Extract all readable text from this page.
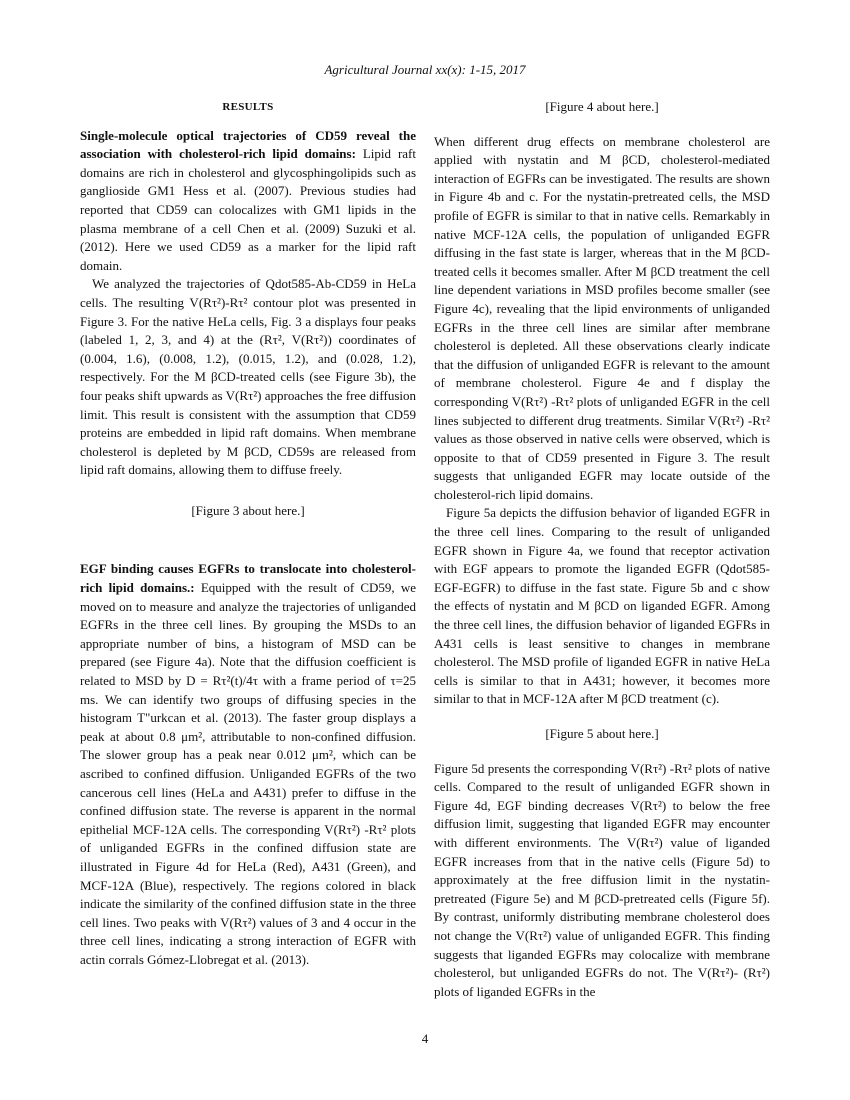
Agricultural Journal xx(x): 1-15, 2017
RESULTS

Single-molecule optical trajectories of CD59 reveal the association with cholesterol-rich lipid domains: Lipid raft domains are rich in cholesterol and glycosphingolipids such as ganglioside GM1 Hess et al. (2007). Previous studies had reported that CD59 can colocalizes with GM1 lipids in the plasma membrane of a cell Chen et al. (2009) Suzuki et al. (2012). Here we used CD59 as a marker for the lipid raft domain.

We analyzed the trajectories of Qdot585-Ab-CD59 in HeLa cells. The resulting V(Rτ²)-Rτ² contour plot was presented in Figure 3. For the native HeLa cells, Fig. 3 a displays four peaks (labeled 1, 2, 3, and 4) at the (Rτ², V(Rτ²)) coordinates of (0.004, 1.6), (0.008, 1.2), (0.015, 1.2), and (0.028, 1.2), respectively. For the M βCD-treated cells (see Figure 3b), the four peaks shift upwards as V(Rτ²) approaches the free diffusion limit. This result is consistent with the assumption that CD59 proteins are embedded in lipid raft domains. When membrane cholesterol is depleted by M βCD, CD59s are released from lipid raft domains, allowing them to diffuse freely.

[Figure 3 about here.]

EGF binding causes EGFRs to translocate into cholesterol-rich lipid domains.: Equipped with the result of CD59, we moved on to measure and analyze the trajectories of unliganded EGFRs in the three cell lines. By grouping the MSDs to an appropriate number of bins, a histogram of MSD can be prepared (see Figure 4a). Note that the diffusion coefficient is related to MSD by D = Rτ²(t)/4τ with a frame period of τ=25 ms. We can identify two groups of diffusing species in the histogram T"urkcan et al. (2013). The faster group displays a peak at about 0.8 μm², attributable to non-confined diffusion. The slower group has a peak near 0.012 μm², which can be ascribed to confined diffusion. Unliganded EGFRs of the two cancerous cell lines (HeLa and A431) prefer to diffuse in the confined diffusion state. The reverse is apparent in the normal epithelial MCF-12A cells. The corresponding V(Rτ²) -Rτ² plots of unliganded EGFRs in the confined diffusion state are illustrated in Figure 4d for HeLa (Red), A431 (Green), and MCF-12A (Blue), respectively. The regions colored in black indicate the similarity of the confined diffusion state in the three cell lines. Two peaks with V(Rτ²) values of 3 and 4 occur in the three cell lines, indicating a strong interaction of EGFR with actin corrals Gómez-Llobregat et al. (2013).

[Figure 4 about here.]

When different drug effects on membrane cholesterol are applied with nystatin and M βCD, cholesterol-mediated interaction of EGFRs can be investigated. The results are shown in Figure 4b and c. For the nystatin-pretreated cells, the MSD profile of EGFR is similar to that in native cells. Remarkably in native MCF-12A cells, the population of unliganded EGFR diffusing in the fast state is larger, whereas that in the M βCD-treated cells it becomes smaller. After M βCD treatment the cell line dependent variations in MSD profiles become smaller (see Figure 4c), revealing that the lipid environments of unliganded EGFRs in the three cell lines are similar after membrane cholesterol is depleted. All these observations clearly indicate that the diffusion of unliganded EGFR is relevant to the amount of membrane cholesterol. Figure 4e and f display the corresponding V(Rτ²) -Rτ² plots of unliganded EGFR in the cell lines subjected to different drug treatments. Similar V(Rτ²) -Rτ² values as those observed in native cells were observed, which is opposite to that of CD59 presented in Figure 3. The result suggests that unliganded EGFR may locate outside of the cholesterol-rich lipid domains.

Figure 5a depicts the diffusion behavior of liganded EGFR in the three cell lines. Comparing to the result of unliganded EGFR shown in Figure 4a, we found that receptor activation with EGF appears to promote the liganded EGFR (Qdot585-EGF-EGFR) to diffuse in the fast state. Figure 5b and c show the effects of nystatin and M βCD on liganded EGFR. Among the three cell lines, the diffusion behavior of liganded EGFRs in A431 cells is least sensitive to changes in membrane cholesterol. The MSD profile of liganded EGFR in native HeLa cells is similar to that in A431; however, it becomes more similar to that in MCF-12A after M βCD treatment (c).

[Figure 5 about here.]

Figure 5d presents the corresponding V(Rτ²) -Rτ² plots of native cells. Compared to the result of unliganded EGFR shown in Figure 4d, EGF binding decreases V(Rτ²) to below the free diffusion limit, suggesting that liganded EGFR may encounter with different environments. The V(Rτ²) value of liganded EGFR increases from that in the native cells (Figure 5d) to approximately at the free diffusion limit in the nystatin-pretreated (Figure 5e) and M βCD-pretreated cells (Figure 5f). By contrast, uniformly distributing membrane cholesterol does not change the V(Rτ²) value of unliganded EGFR. This finding suggests that liganded EGFRs may colocalize with membrane cholesterol, but unliganded EGFRs do not. The V(Rτ²)- (Rτ²) plots of liganded EGFRs in the

4
